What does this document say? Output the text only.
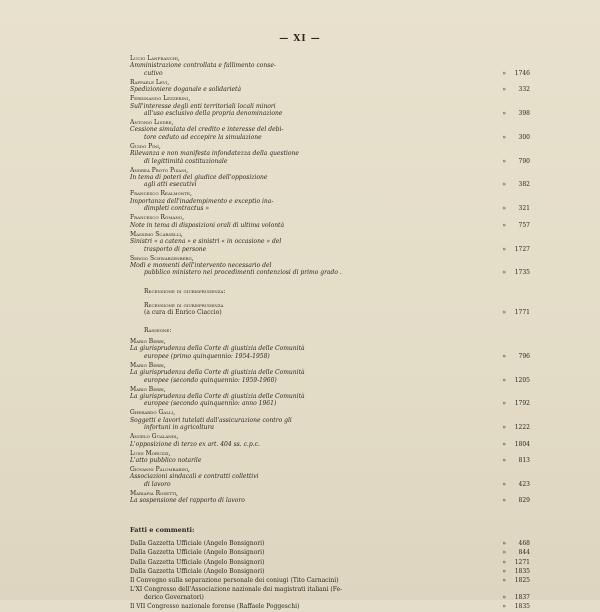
— XI —
Lucio Lanfranchi,
Amministrazione controllata e fallimento conse-
cutivo	»	1746
Raffaele Levi,
Spedizioniere doganale e solidarietà	»	332
Ferdinando Lezzerini,
Sull'interesse degli enti territoriali locali minori
all'uso esclusivo della propria denominazione	»	398
Antonio Lisdre,
Cessione simulata del credito e interesse del debi-
tore ceduto ad eccepire la simulazione	»	300
Guido Pini,
Rilevanza e non manifesta infondatezza della questione
di legittimità costituzionale	»	790
Andrea Proto Pisani,
In tema di poteri del giudice dell'opposizione
agli atti esecutivi	»	382
Francesco Realmonte,
Importanza dell'inadempimento e exceptio ina-
dimpleti contractus »	»	321
Francesco Romano,
Note in tema di disposizioni orali di ultima volontà	»	757
Massimo Scarselli,
Sinistri « a catena » e sinistri « in occasione » del
trasporto di persone	»	1727
Sergio Schwarzenberg,
Modi e momenti dell'intervento necessario del
pubblico ministero nei procedimenti contenziosi di primo grado .	»	1735
Recensione di giurisprudenza:
Recensione di giurisprudenza
(a cura di Enrico Ciaccio)	»	1771
Rassegne:
Mario Berri,
La giurisprudenza della Corte di giustizia delle Comunità
europee (primo quinquennio: 1954-1958)	»	796
Mario Berri,
La giurisprudenza della Corte di giustizia delle Comunità
europee (secondo quinquennio: 1959-1960)	»	1205
Mario Berri,
La giurisprudenza della Corte di giustizia delle Comunità
europee (secondo quinquennio: anno 1961)	»	1792
Gherardo Galli,
Soggetti e lavori tutelati dall'assicurazione contro gli
infortuni in agricoltura	»	1222
Angelo Gualandi,
L'opposizione di terzo ex art. 404 ss. c.p.c.	»	1804
Luigi Moruzzi,
L'atto pubblico notarile	»	813
Giovanni Palombarini,
Associazioni sindacali e contratti collettivi
di lavoro	»	423
Mariapia Rosetti,
La sospensione del rapporto di lavoro	»	829
Fatti e commenti:
Dalla Gazzetta Ufficiale (Angelo Bonsignori)	»	468
Dalla Gazzetta Ufficiale (Angelo Bonsignori)	»	844
Dalla Gazzetta Ufficiale (Angelo Bonsignori)	»	1271
Dalla Gazzetta Ufficiale (Angelo Bonsignori)	»	1835
Il Convegno sulla separazione personale dei coniugi (Tito Carnacini)	»	1825
L'XI Congresso dell'Associazione nazionale dei magistrati italiani (Fe-
derico Governatori)	»	1837
Il VII Congresso nazionale forense (Raffaele Poggeschi)	»	1835
